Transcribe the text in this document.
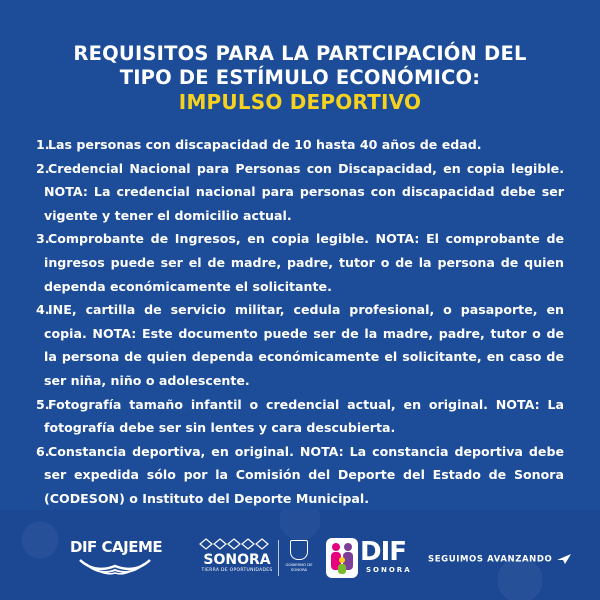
REQUISITOS PARA LA PARTCIPACIÓN DEL
TIPO DE ESTÍMULO ECONÓMICO:
IMPULSO DEPORTIVO
1.Las personas con discapacidad de 10 hasta 40 años de edad.
2.Credencial Nacional para Personas con Discapacidad, en copia legible. NOTA: La credencial nacional para personas con discapacidad debe ser vigente y tener el domicilio actual.
3.Comprobante de Ingresos, en copia legible. NOTA: El comprobante de ingresos puede ser el de madre, padre, tutor o de la persona de quien dependa económicamente el solicitante.
4.INE, cartilla de servicio militar, cedula profesional, o pasaporte, en copia. NOTA: Este documento puede ser de la madre, padre, tutor o de la persona de quien dependa económicamente el solicitante, en caso de ser niña, niño o adolescente.
5.Fotografía tamaño infantil o credencial actual, en original. NOTA: La fotografía debe ser sin lentes y cara descubierta.
6.Constancia deportiva, en original. NOTA: La constancia deportiva debe ser expedida sólo por la Comisión del Deporte del Estado de Sonora (CODESON) o Instituto del Deporte Municipal.
DIF CAJEME
SONORA
TIERRA DE OPORTUNIDADES
GOBIERNO DE SONORA
DIF
SONORA
SEGUIMOS AVANZANDO
